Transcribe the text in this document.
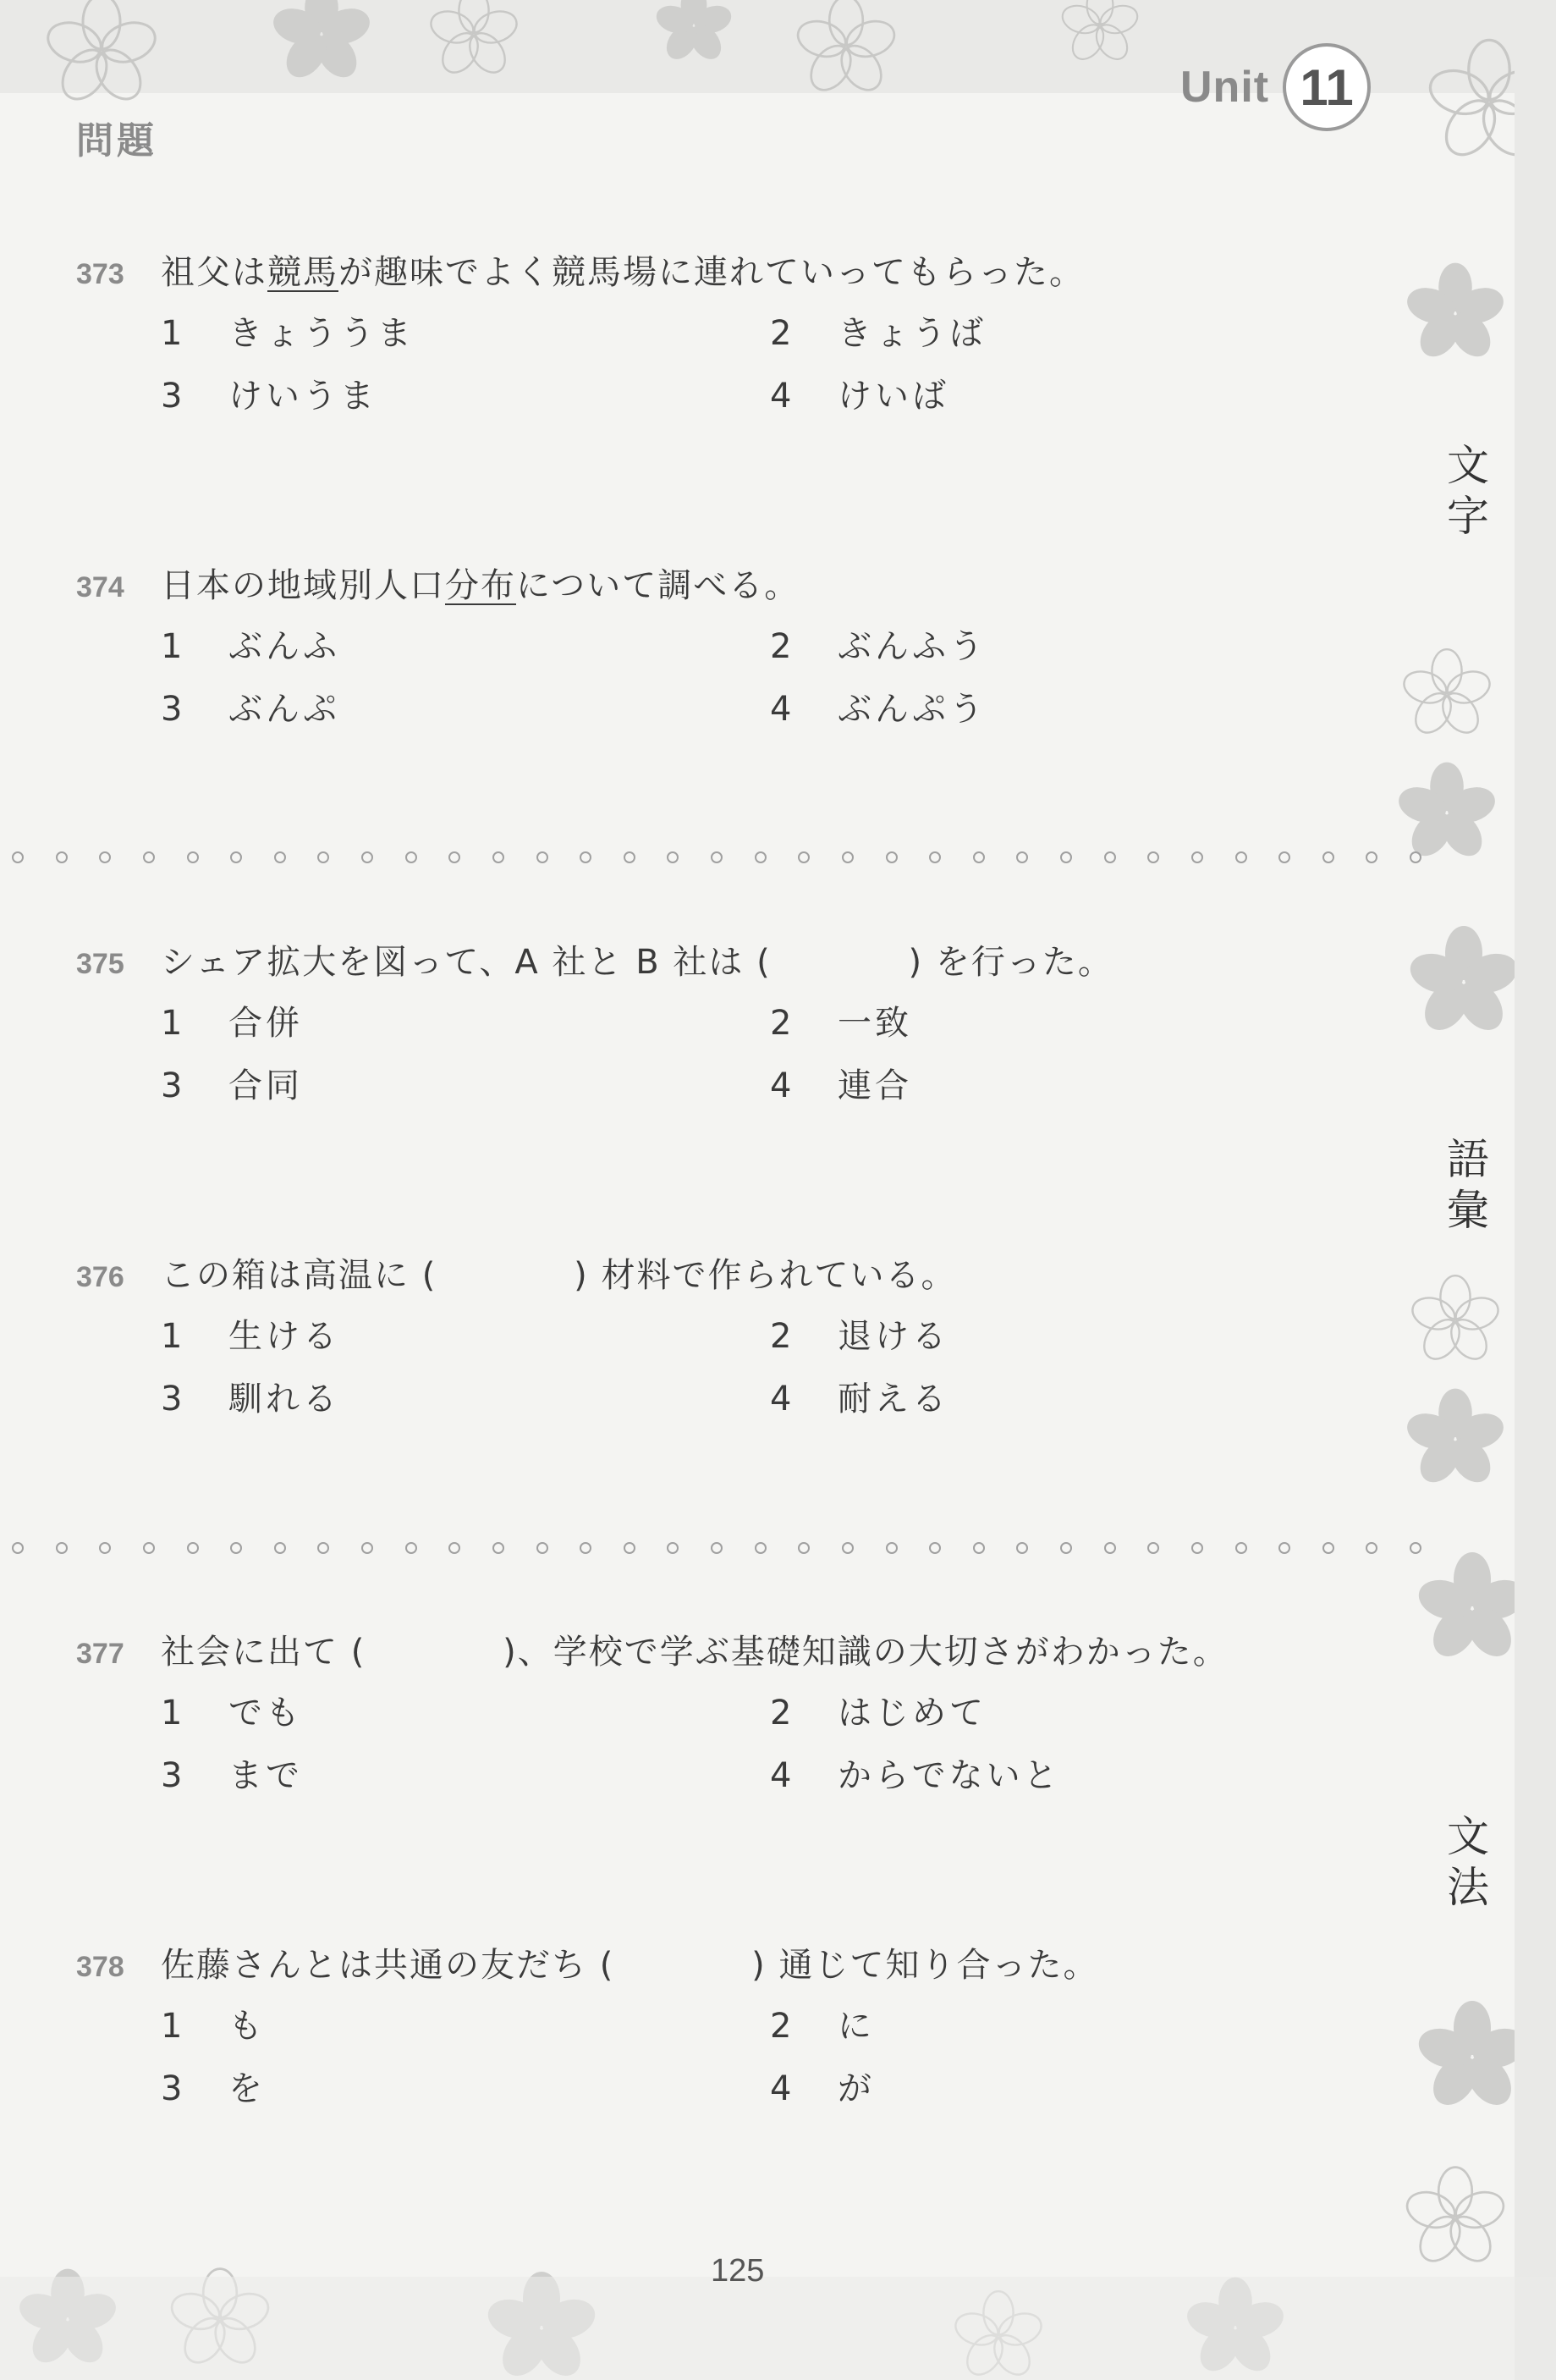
Unit 11
問題
文
字
語
彙
文
法
373	祖父は競馬が趣味でよく競馬場に連れていってもらった。
1	きょううま	2	きょうば
3	けいうま	4	けいば
374	日本の地域別人口分布について調べる。
1	ぶんふ	2	ぶんふう
3	ぶんぷ	4	ぶんぷう
375	シェア拡大を図って、A 社と B 社は (           ) を行った。
1	合併	2	一致
3	合同	4	連合
376	この箱は高温に (           ) 材料で作られている。
1	生ける	2	退ける
3	馴れる	4	耐える
377	社会に出て (           )、学校で学ぶ基礎知識の大切さがわかった。
1	でも	2	はじめて
3	まで	4	からでないと
378	佐藤さんとは共通の友だち (           ) 通じて知り合った。
1	も	2	に
3	を	4	が
125
